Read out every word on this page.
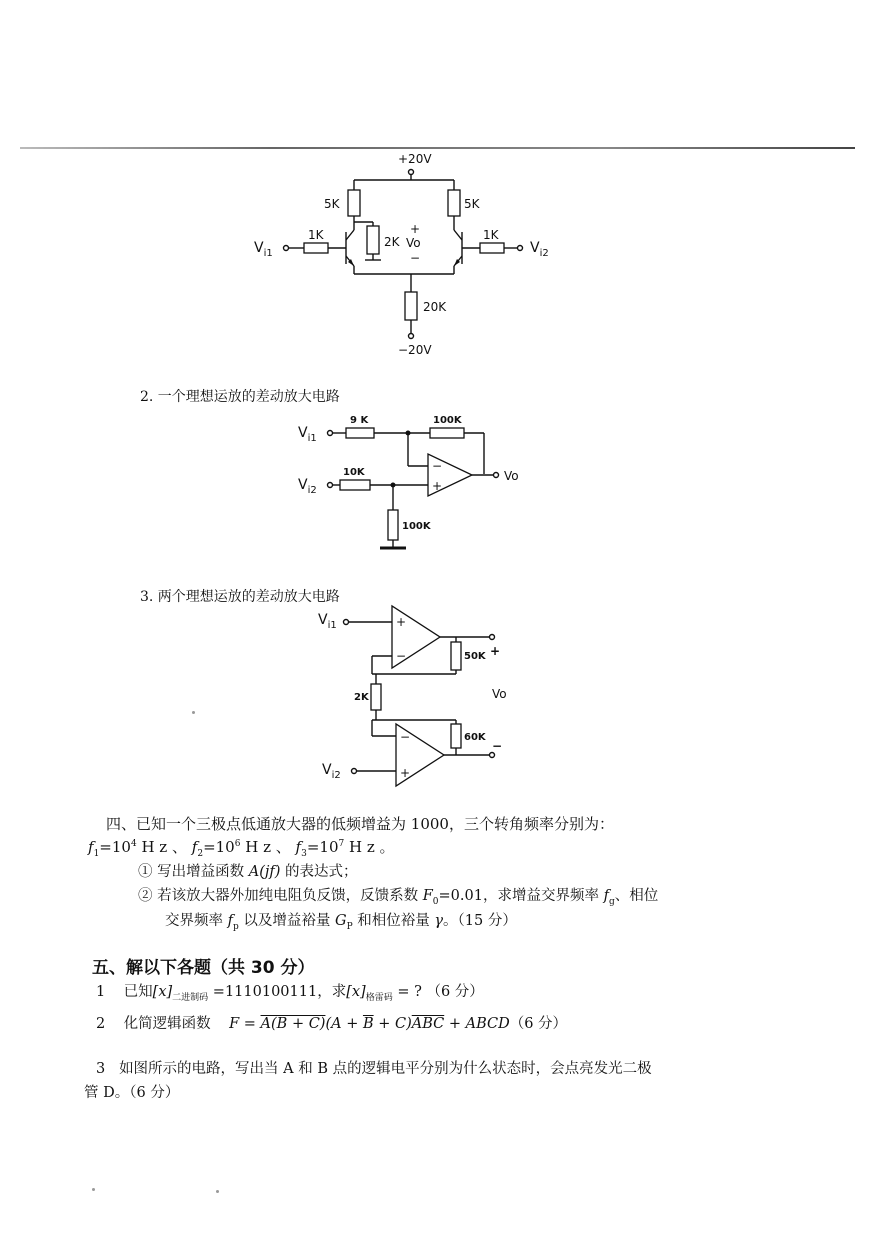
+20V
5K	5K
2K
+
Vo
−
20K
−20V
$V_{i1}$
1K	1K
$V_{i2}$
2. 一个理想运放的差动放大电路
$V_{i1}$
9 K	100K
−
+
Vo
$V_{i2}$
10K
100K
3. 两个理想运放的差动放大电路
$V_{i1}$	+
−	50K +
2K	Vo
60K
−
−
+
$V_{i2}$
四、已知一个三极点低通放大器的低频增益为 1000，三个转角频率分别为：
$f_1=10^4$ H z 、 $f_2=10^6$ H z 、 $f_3=10^7$ H z 。
① 写出增益函数 A(jf) 的表达式；
② 若该放大器外加纯电阻负反馈，反馈系数 $F_0=0.01$，求增益交界频率 $f_g$、相位
交界频率 $f_p$ 以及增益裕量 $G_P$ 和相位裕量 γ。（15 分）
五、解以下各题（共 30 分）
1 已知$[x]_{二进制码} =1110100111$，求$[x]_{格雷码}$ = ? （6 分）
2 化简逻辑函数 $F = A(B + C)(A + \overline{B} + C)\overline{ABC}$ + ABCD（6 分）
3 如图所示的电路，写出当 A 和 B 点的逻辑电平分别为什么状态时，会点亮发光二极
管 D。（6 分）
